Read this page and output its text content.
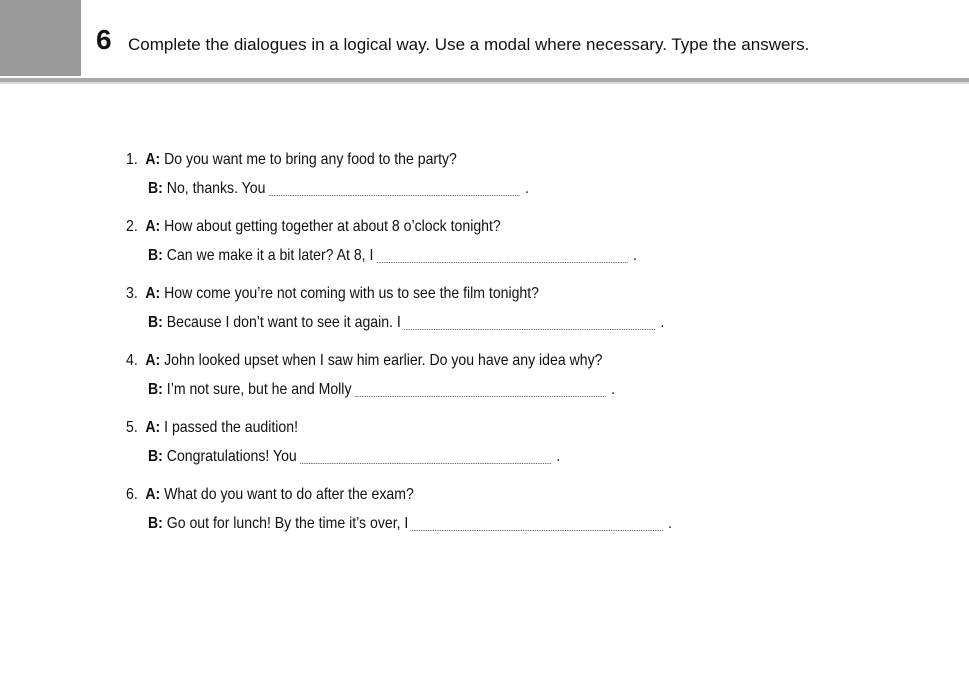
6 Complete the dialogues in a logical way. Use a modal where necessary. Type the answers.
1. A: Do you want me to bring any food to the party?
B: No, thanks. You	.
2. A: How about getting together at about 8 o’clock tonight?
B: Can we make it a bit later? At 8, I	.
3. A: How come you’re not coming with us to see the film tonight?
B: Because I don’t want to see it again. I	.
4. A: John looked upset when I saw him earlier. Do you have any idea why?
B: I’m not sure, but he and Molly	.
5. A: I passed the audition!
B: Congratulations! You	.
6. A: What do you want to do after the exam?
B: Go out for lunch! By the time it’s over, I	.
